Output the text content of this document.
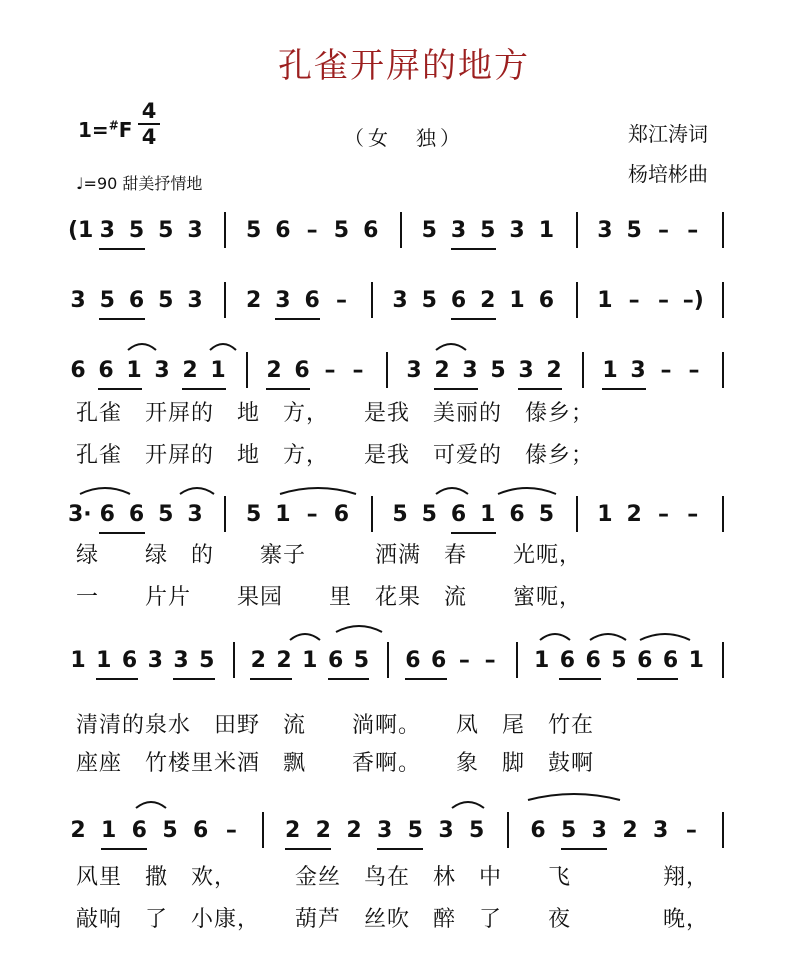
孔雀开屏的地方
1=#F
4
4	（女　独）	郑江涛词
杨培彬曲
♩=90 甜美抒情地
(1 3 5 5 3 5 6 – 5 6 5 3 5 3 1 3 5 – –
3 5 6 5 3 2 3 6 – 3 5 6 2 1 6 1 – – –)
6 6 1 3 2 1 2 6 – – 3 2 3 5 3 2 1 3 – –
孔雀　开屏的　地　方，　　是我　美丽的　傣乡；
孔雀　开屏的　地　方，　　是我　可爱的　傣乡；
3· 6 6 5 3 5 1 – 6 5 5 6 1 6 5 1 2 – –
绿　　绿　的　　寨子　　　洒满　春　　光呃，
一　　片片　　果园　　里　花果　流　　蜜呃，
1 1 6 3 3 5 2 2 1 6 5 6 6 – – 1 6 6 5 6 6 1
清清的泉水　田野　流　　淌啊。　　凤　尾　竹在
座座　竹楼里米酒　飘　　香啊。　　象　脚　鼓啊
2 1 6 5 6 – 2 2 2 3 5 3 5 6 5 3 2 3 –
风里　撒　欢，　　　金丝　鸟在　林　中　　飞　　　　翔，
敲响　了　小康，　　葫芦　丝吹　醉　了　　夜　　　　晚，
